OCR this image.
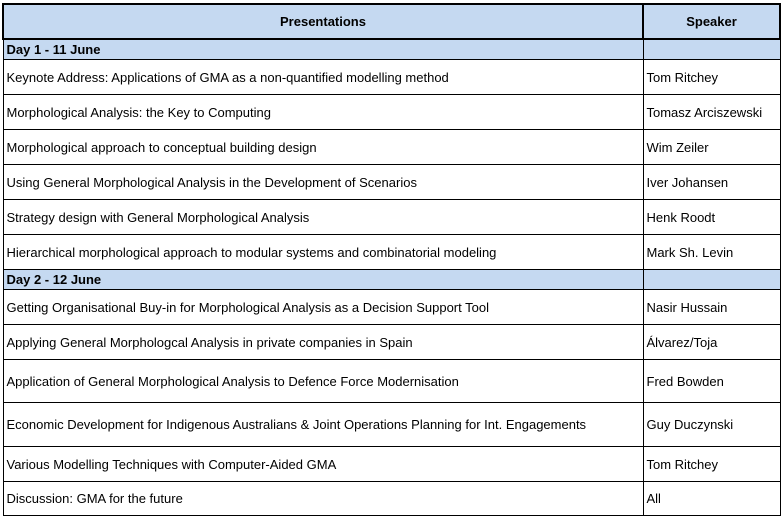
Presentations	Speaker
Day 1 - 11 June	
Keynote Address: Applications of GMA as a non-quantified modelling method	Tom Ritchey
Morphological Analysis: the Key to Computing	Tomasz Arciszewski
Morphological approach to conceptual building design	Wim Zeiler
Using General Morphological Analysis in the Development of Scenarios	Iver Johansen
Strategy design with General Morphological Analysis	Henk Roodt
Hierarchical morphological approach to modular systems and combinatorial modeling	Mark Sh. Levin
Day 2 - 12 June	
Getting Organisational Buy-in for Morphological Analysis as a Decision Support Tool	Nasir Hussain
Applying General Morphologcal Analysis in private companies in Spain	Álvarez/Toja
Application of General Morphological Analysis to Defence Force Modernisation	Fred Bowden
Economic Development for Indigenous Australians & Joint Operations Planning for Int. Engagements	Guy Duczynski
Various Modelling Techniques with Computer-Aided GMA	Tom Ritchey
Discussion: GMA for the future	All
